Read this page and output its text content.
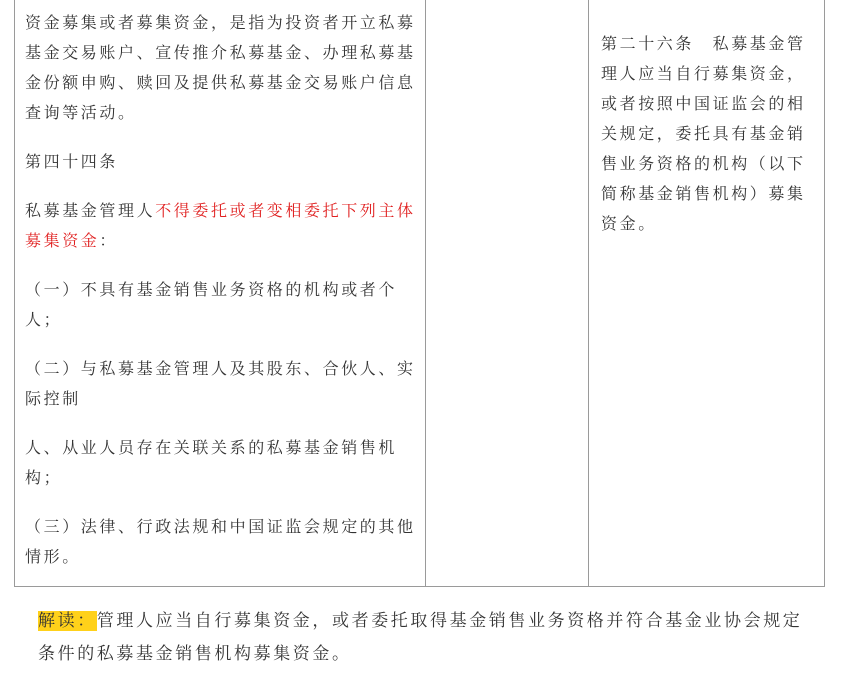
资金募集或者募集资金，是指为投资者开立私募基金交易账户、宣传推介私募基金、办理私募基金份额申购、赎回及提供私募基金交易账户信息查询等活动。

第四十四条

私募基金管理人不得委托或者变相委托下列主体募集资金：

（一）不具有基金销售业务资格的机构或者个人；

（二）与私募基金管理人及其股东、合伙人、实际控制

人、从业人员存在关联关系的私募基金销售机构；

（三）法律、行政法规和中国证监会规定的其他情形。

第二十六条　私募基金管理人应当自行募集资金，或者按照中国证监会的相关规定，委托具有基金销售业务资格的机构（以下简称基金销售机构）募集资金。

解读：管理人应当自行募集资金，或者委托取得基金销售业务资格并符合基金业协会规定条件的私募基金销售机构募集资金。
